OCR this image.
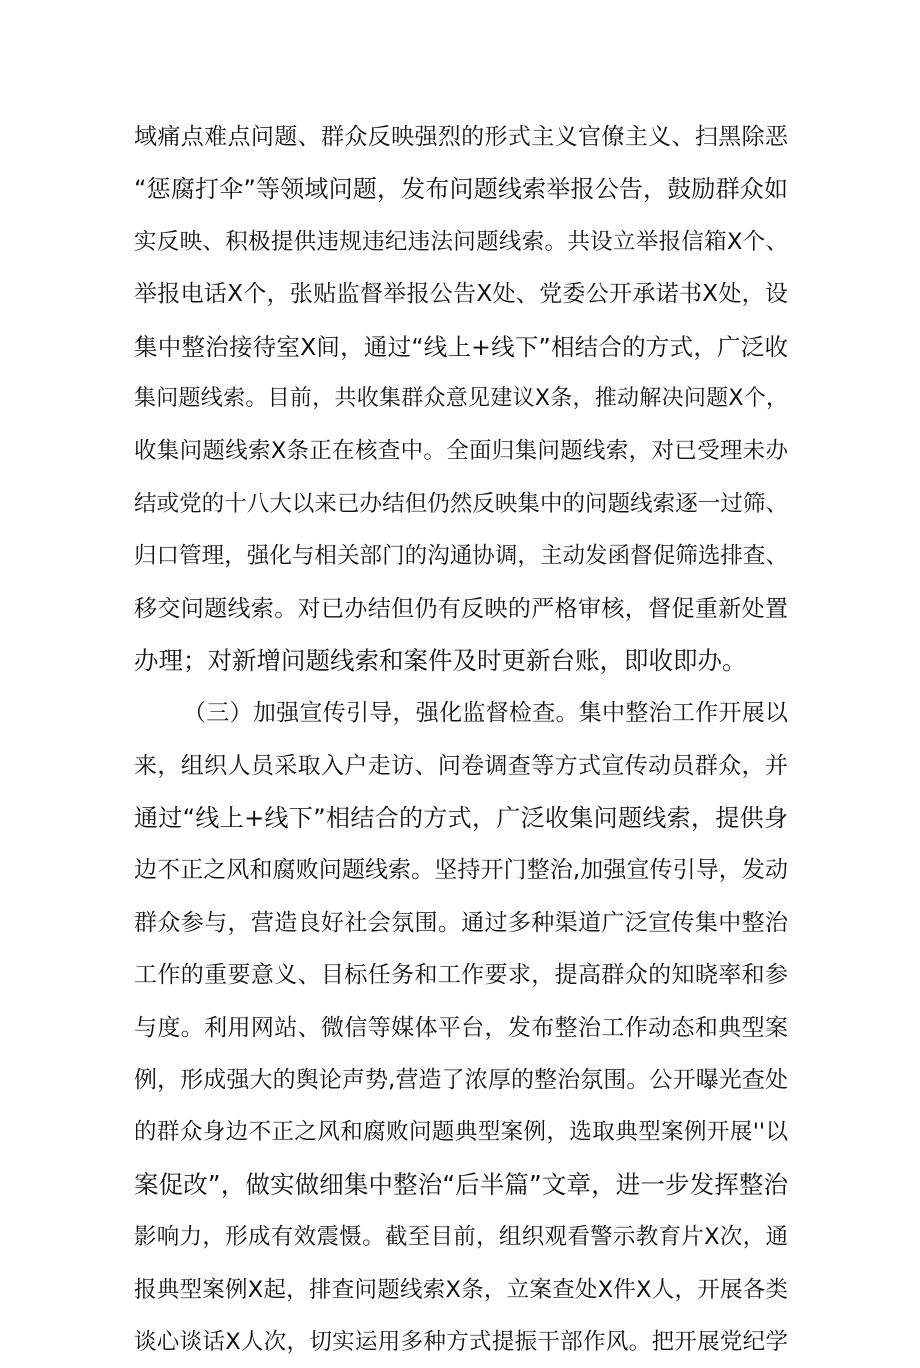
域痛点难点问题、群众反映强烈的形式主义官僚主义、扫黑除恶
“惩腐打伞”等领域问题，发布问题线索举报公告，鼓励群众如
实反映、积极提供违规违纪违法问题线索。共设立举报信箱X个、
举报电话X个，张贴监督举报公告X处、党委公开承诺书X处，设
集中整治接待室X间，通过“线上+线下”相结合的方式，广泛收
集问题线索。目前，共收集群众意见建议X条，推动解决问题X个，
收集问题线索X条正在核查中。全面归集问题线索，对已受理未办
结或党的十八大以来已办结但仍然反映集中的问题线索逐一过筛、
归口管理，强化与相关部门的沟通协调，主动发函督促筛选排查、
移交问题线索。对已办结但仍有反映的严格审核，督促重新处置
办理；对新增问题线索和案件及时更新台账，即收即办。
（三）加强宣传引导，强化监督检查。集中整治工作开展以
来，组织人员采取入户走访、问卷调查等方式宣传动员群众，并
通过“线上+线下”相结合的方式，广泛收集问题线索，提供身
边不正之风和腐败问题线索。坚持开门整治,加强宣传引导，发动
群众参与，营造良好社会氛围。通过多种渠道广泛宣传集中整治
工作的重要意义、目标任务和工作要求，提高群众的知晓率和参
与度。利用网站、微信等媒体平台，发布整治工作动态和典型案
例，形成强大的舆论声势,营造了浓厚的整治氛围。公开曝光查处
的群众身边不正之风和腐败问题典型案例，选取典型案例开展''以
案促改”，做实做细集中整治“后半篇”文章，进一步发挥整治
影响力，形成有效震慑。截至目前，组织观看警示教育片X次，通
报典型案例X起，排查问题线索X条，立案查处X件X人，开展各类
谈心谈话X人次，切实运用多种方式提振干部作风。把开展党纪学
